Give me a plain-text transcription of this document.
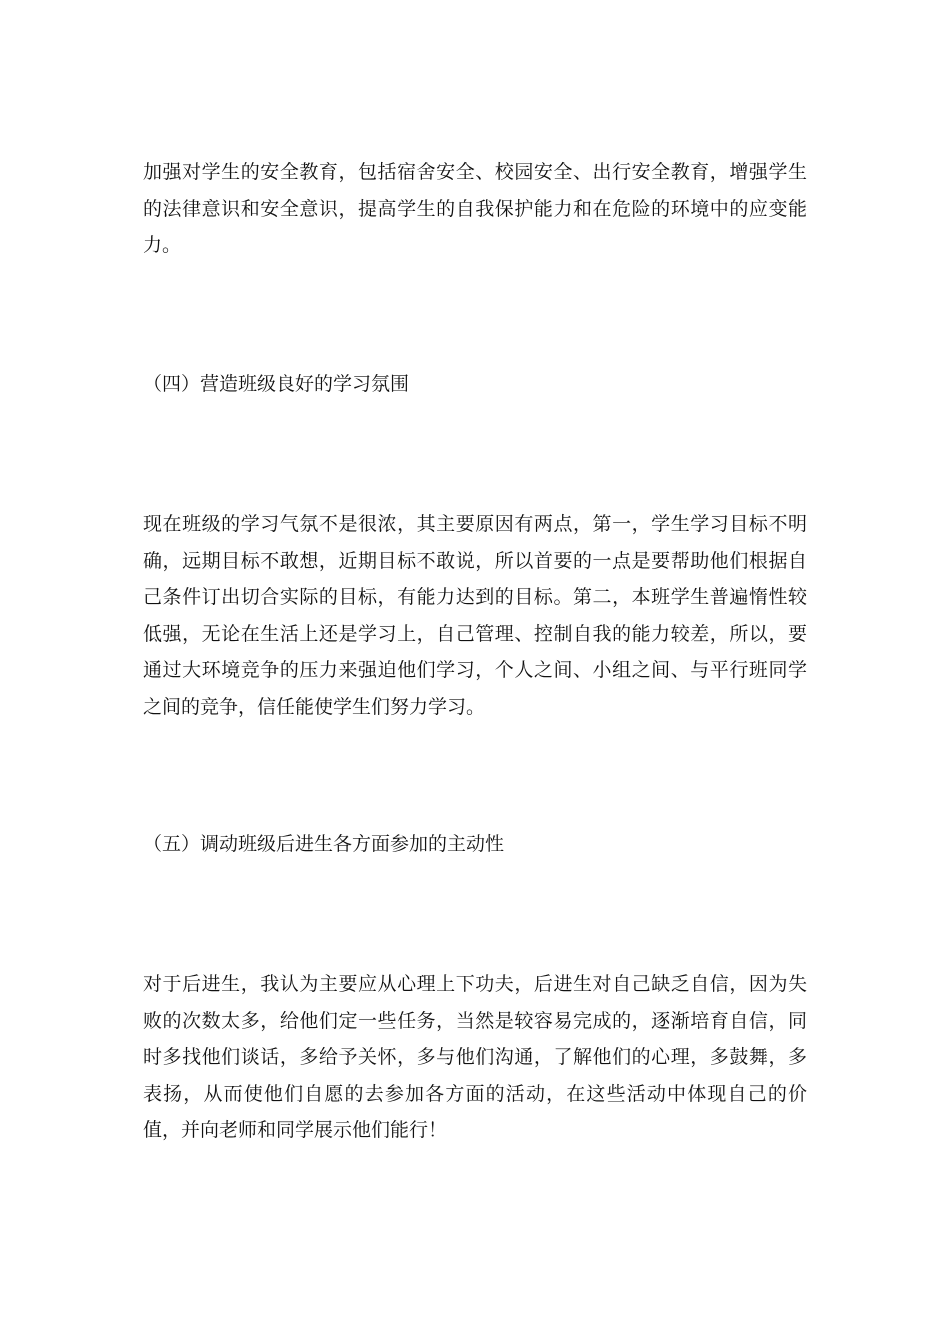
加强对学生的安全教育，包括宿舍安全、校园安全、出行安全教育，增强学生的法律意识和安全意识，提高学生的自我保护能力和在危险的环境中的应变能力。

（四）营造班级良好的学习氛围

现在班级的学习气氛不是很浓，其主要原因有两点，第一，学生学习目标不明确，远期目标不敢想，近期目标不敢说，所以首要的一点是要帮助他们根据自己条件订出切合实际的目标，有能力达到的目标。第二，本班学生普遍惰性较低强，无论在生活上还是学习上，自己管理、控制自我的能力较差，所以，要通过大环境竞争的压力来强迫他们学习，个人之间、小组之间、与平行班同学之间的竞争，信任能使学生们努力学习。

（五）调动班级后进生各方面参加的主动性

对于后进生，我认为主要应从心理上下功夫，后进生对自己缺乏自信，因为失败的次数太多，给他们定一些任务，当然是较容易完成的，逐渐培育自信，同时多找他们谈话，多给予关怀，多与他们沟通，了解他们的心理，多鼓舞，多表扬，从而使他们自愿的去参加各方面的活动，在这些活动中体现自己的价值，并向老师和同学展示他们能行！
